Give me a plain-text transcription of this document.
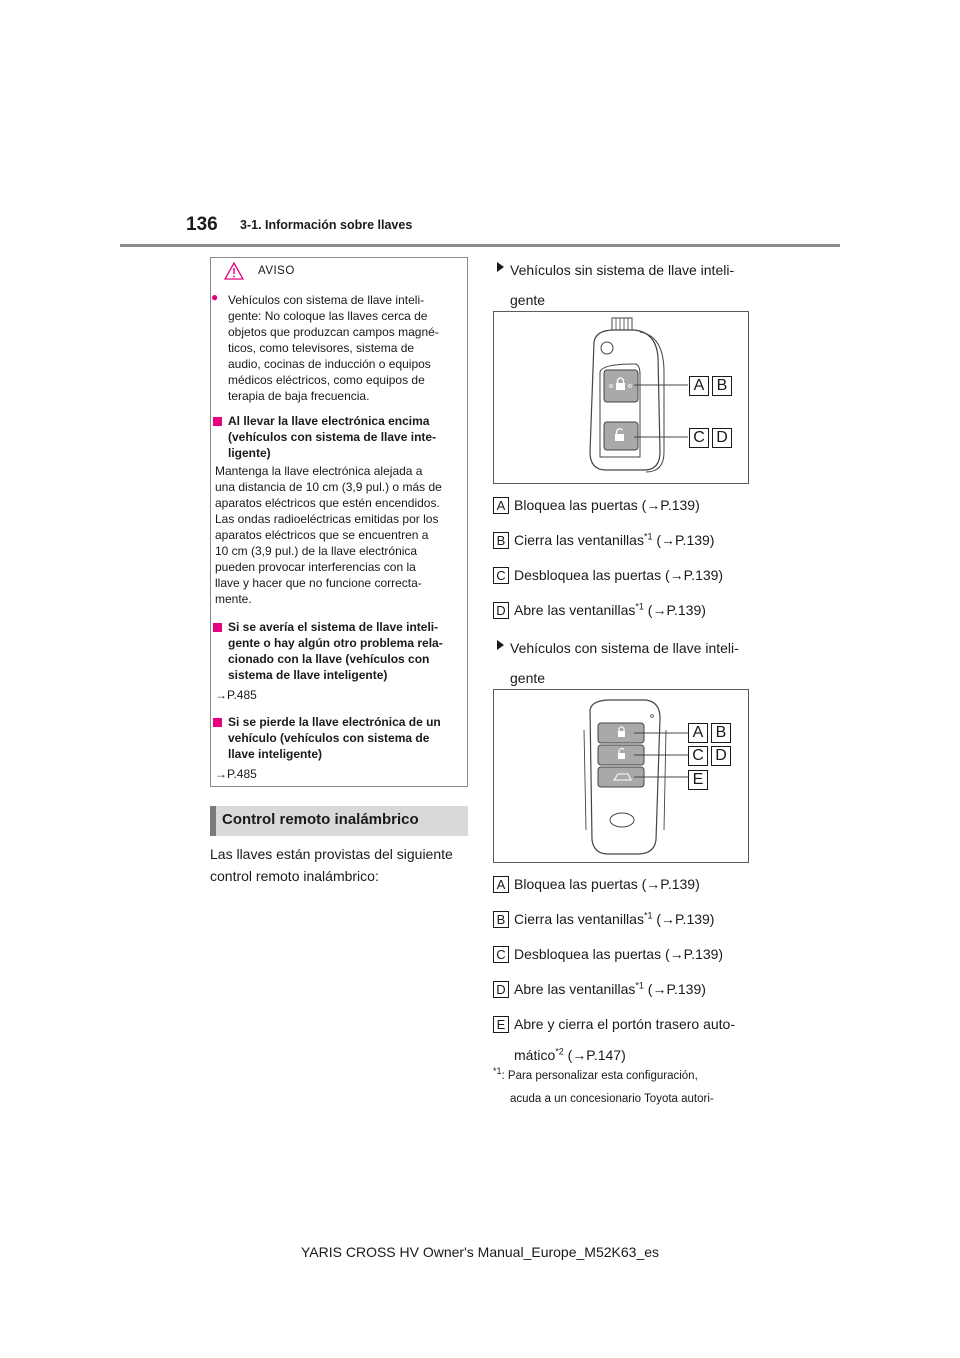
136 3-1. Información sobre llaves
AVISO
● Vehículos con sistema de llave inteli-
gente: No coloque las llaves cerca de
objetos que produzcan campos magné-
ticos, como televisores, sistema de
audio, cocinas de inducción o equipos
médicos eléctricos, como equipos de
terapia de baja frecuencia.
Al llevar la llave electrónica encima
(vehículos con sistema de llave inte-
ligente)
Mantenga la llave electrónica alejada a
una distancia de 10 cm (3,9 pul.) o más de
aparatos eléctricos que estén encendidos.
Las ondas radioeléctricas emitidas por los
aparatos eléctricos que se encuentren a
10 cm (3,9 pul.) de la llave electrónica
pueden provocar interferencias con la
llave y hacer que no funcione correcta-
mente.
Si se avería el sistema de llave inteli-
gente o hay algún otro problema rela-
cionado con la llave (vehículos con
sistema de llave inteligente)
→P.485
Si se pierde la llave electrónica de un
vehículo (vehículos con sistema de
llave inteligente)
→P.485
Control remoto inalámbrico
Las llaves están provistas del siguiente
control remoto inalámbrico:
Vehículos sin sistema de llave inteli-
gente
A B
C D
A Bloquea las puertas (→P.139)
B Cierra las ventanillas$^{*1}$ (→P.139)
C Desbloquea las puertas (→P.139)
D Abre las ventanillas$^{*1}$ (→P.139)
Vehículos con sistema de llave inteli-
gente
A B
C D
E
A Bloquea las puertas (→P.139)
B Cierra las ventanillas$^{*1}$ (→P.139)
C Desbloquea las puertas (→P.139)
D Abre las ventanillas$^{*1}$ (→P.139)
E Abre y cierra el portón trasero auto-
mático$^{*2}$ (→P.147)
$^{*1}$: Para personalizar esta configuración,
acuda a un concesionario Toyota autori-
YARIS CROSS HV Owner's Manual_Europe_M52K63_es
